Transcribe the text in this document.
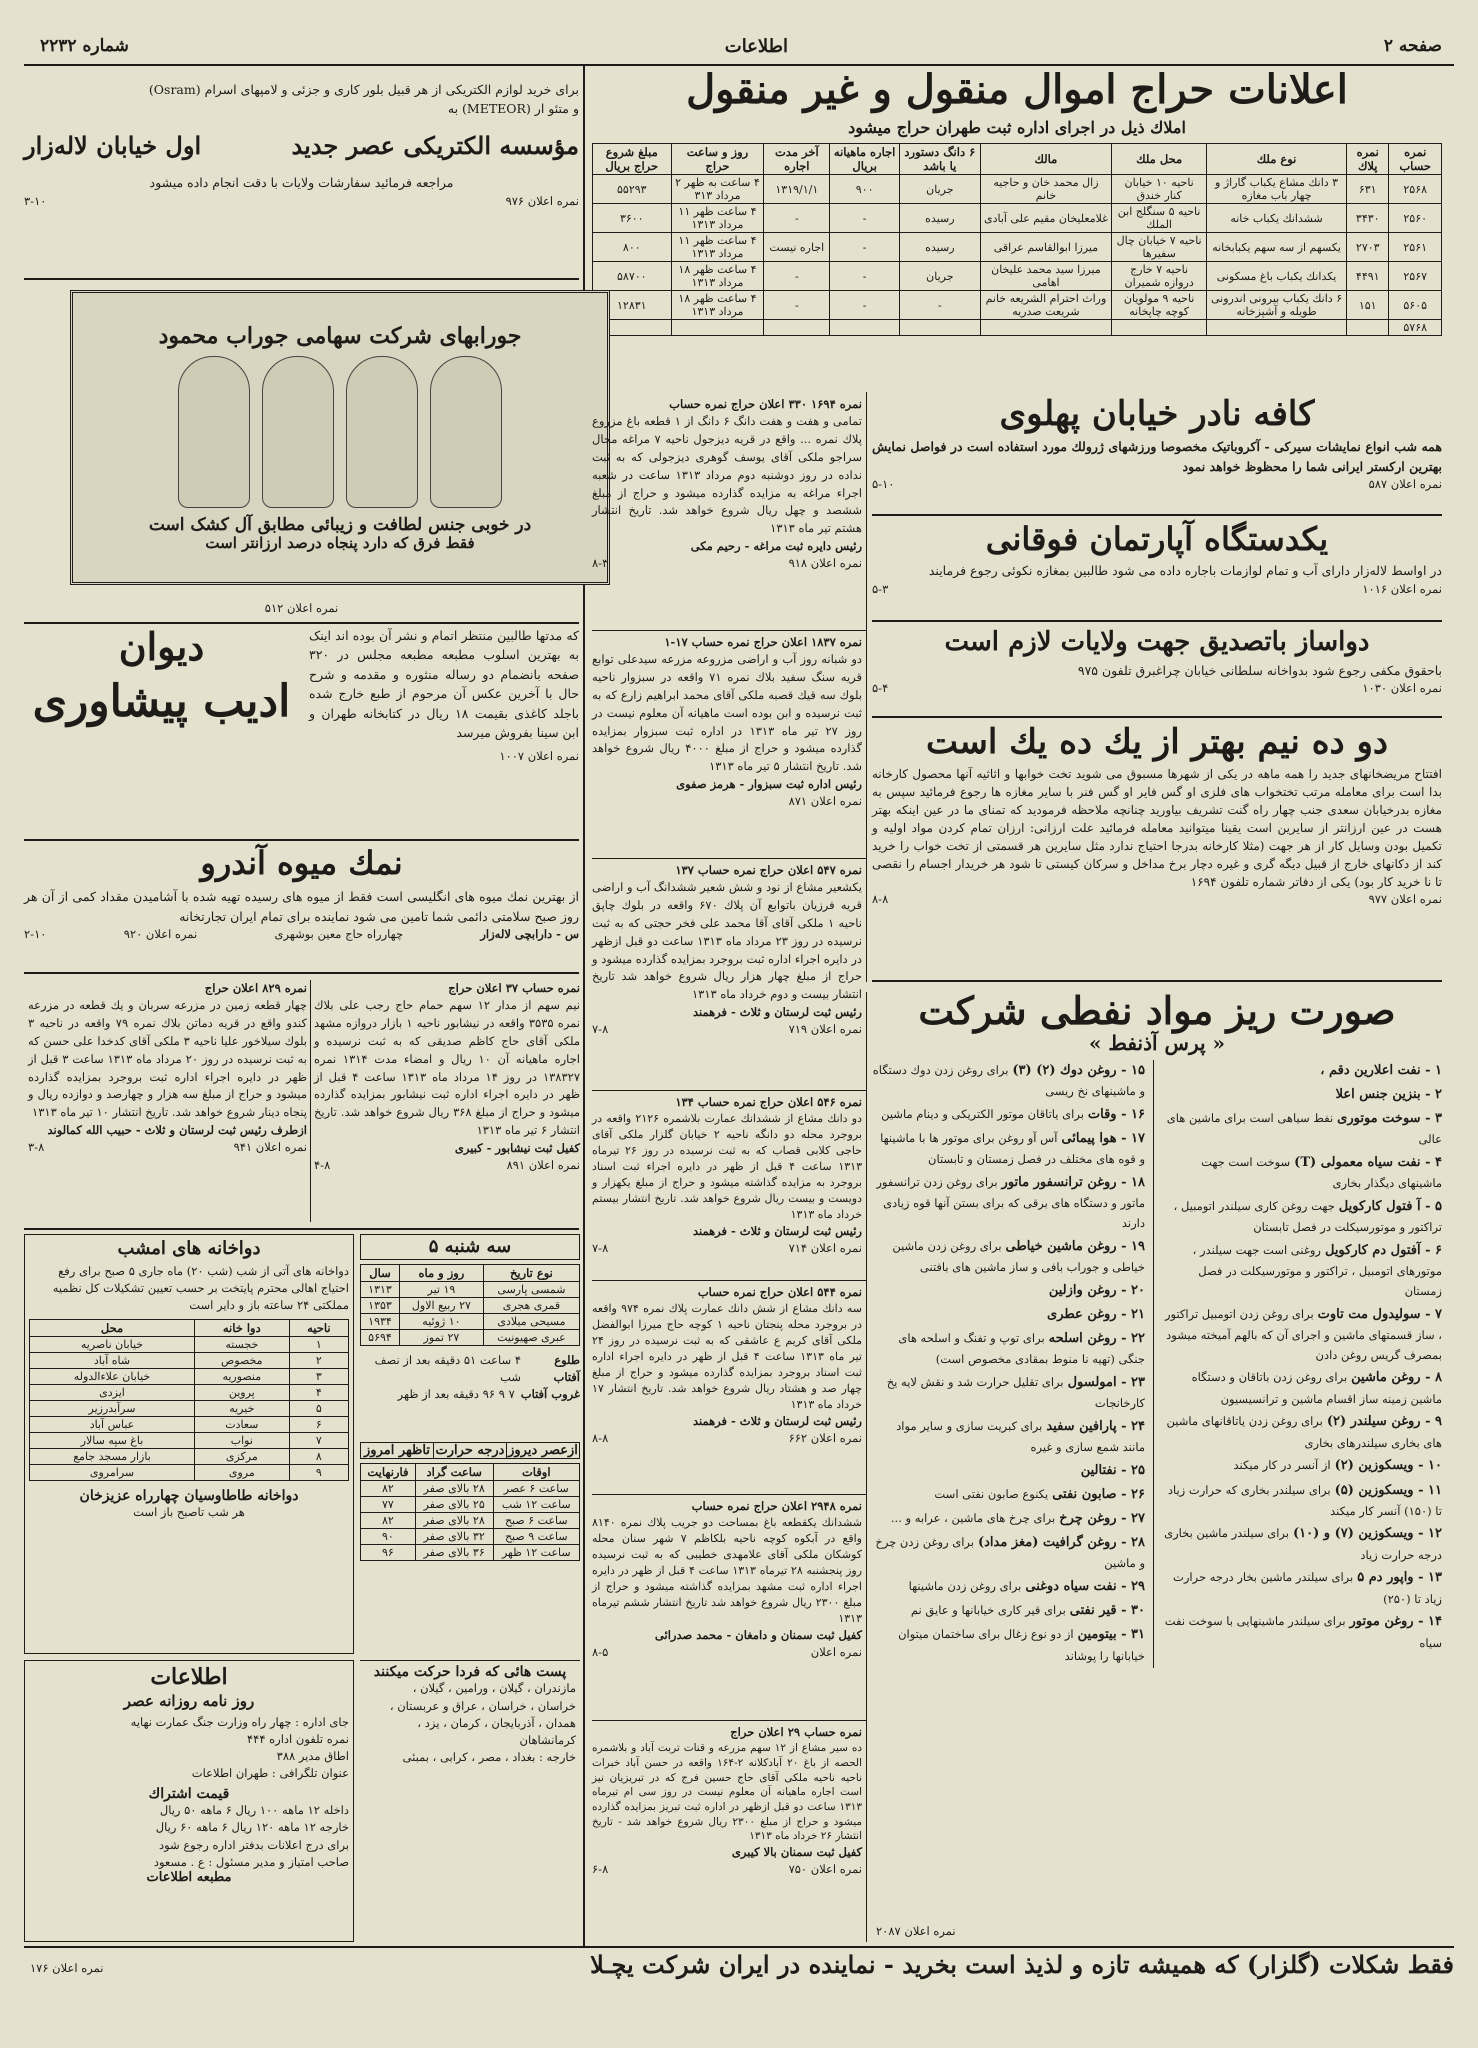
صفحه ۲
اطلاعات
شماره ۲۲۳۲
اعلانات حراج اموال منقول و غیر منقول
املاك ذیل در اجرای اداره ثبت طهران حراج میشود
نمره حساب	نمره پلاك	نوع ملك	محل ملك	مالك	۶ دانگ دستورد یا باشد	اجاره ماهیانه بریال	آخر مدت اجاره	روز و ساعت حراج	مبلغ شروع حراج بریال
۲۵۶۸	۶۳۱	۳ دانك مشاع یکباب گاراژ و چهار باب مغازه	ناحیه ۱۰ خیابان کنار خندق	زال محمد خان و حاجیه خانم	جریان	۹۰۰	۱۳۱۹/۱/۱	۴ ساعت به ظهر ۲ مرداد ۳۱۳	۵۵۲۹۳
۲۵۶۰	۳۴۳۰	ششدانك یکباب خانه	ناحیه ۵ سنگلج ابن الملك	غلامعلیخان مقیم علی آبادی	رسیده	-	-	۴ ساعت ظهر ۱۱ مرداد ۱۳۱۳	۳۶۰۰
۲۵۶۱	۲۷۰۳	یکسهم از سه سهم یکبابخانه	ناحیه ۷ خیابان چال سفیرها	میرزا ابوالقاسم عراقی	رسیده	-	اجاره نیست	۴ ساعت ظهر ۱۱ مرداد ۱۳۱۳	۸۰۰
۲۵۶۷	۴۴۹۱	یکدانك یکباب باغ مسکونی	ناحیه ۷ خارج دروازه شمیران	میرزا سید محمد علیخان اهامی	جریان	-	-	۴ ساعت ظهر ۱۸ مرداد ۱۳۱۳	۵۸۷۰۰
۵۶۰۵	۱۵۱	۶ دانك یکباب بیرونی اندرونی طویله و آشپزخانه	ناحیه ۹ مولویان کوچه چاپخانه	وراث احترام الشریعه خانم شریعت صدریه	-	-	-	۴ ساعت ظهر ۱۸ مرداد ۱۳۱۳	۱۲۸۳۱
۵۷۶۸									
برای خرید لوازم الکتریکی از هر قبیل بلور کاری و جزئی و لامپهای اسرام (Osram)
و متئو ار (METEOR) به
مؤسسه الکتریکی عصر جدید
اول خیابان لاله‌زار
مراجعه فرمائید سفارشات ولایات با دقت انجام داده میشود
نمره اعلان ۹۷۶
۳-۱۰
جورابهای شرکت سهامی جوراب محمود
در خوبی جنس لطافت و زیبائی مطابق آل کشک است
فقط فرق که دارد پنجاه درصد ارزانتر است
نمره اعلان ۵۱۲
که مدتها طالبین منتظر اتمام و نشر آن بوده اند اینک به بهترین اسلوب مطبعه مطبعه مجلس در ۳۲۰ صفحه بانضمام دو رساله منثوره و مقدمه و شرح حال با آخرین عکس آن مرحوم از طبع خارج شده باجلد کاغذی بقیمت ۱۸ ریال در کتابخانه طهران و ابن سینا بفروش میرسد
دیوان
ادیب پیشاوری
نمره اعلان ۱۰۰۷
نمك میوه آندرو
از بهترین نمك میوه های انگلیسی است فقط از میوه های رسیده تهیه شده با آشامیدن مقداد کمی از آن هر روز صبح سلامتی دائمی شما تامین می شود نماینده برای تمام ایران تجارتخانه
س - دارابچی لاله‌زار
چهارراه حاج معین بوشهری
نمره اعلان ۹۲۰
۲-۱۰
نمره ۸۲۹ اعلان حراج
چهار قطعه زمین در مزرعه سربان و یك قطعه در مزرعه کندو واقع در قریه دماتن بلاك نمره ۷۹ واقعه در ناحیه ۳ بلوك سیلاخور علیا ناحیه ۳ ملکی آقای کدخدا علی حسن که به ثبت نرسیده در روز ۲۰ مرداد ماه ۱۳۱۳ ساعت ۳ قبل از ظهر در دایره اجراء اداره ثبت بروجرد بمزایده گذارده میشود و حراج از مبلغ سه هزار و چهارصد و دوازده ریال و پنجاه دینار شروع خواهد شد. تاریخ انتشار ۱۰ تیر ماه ۱۳۱۳
ازطرف رئیس ثبت لرستان و ثلاث - حبیب الله کمالوند
نمره اعلان ۹۴۱
۳-۸
نمره حساب ۳۷ اعلان حراج
نیم سهم از مدار ۱۲ سهم حمام حاج رجب علی بلاك نمره ۳۵۳۵ واقعه در نیشابور ناحیه ۱ بازار دروازه مشهد ملکی آقای حاج کاظم صدیقی که به ثبت نرسیده و اجاره ماهیانه آن ۱۰ ریال و امضاء مدت ۱۳۱۴ نمره ۱۳۸۳۲۷ در روز ۱۴ مرداد ماه ۱۳۱۳ ساعت ۴ قبل از ظهر در دایره اجراء اداره ثبت نیشابور بمزایده گذارده میشود و حراج از مبلغ ۳۶۸ ریال شروع خواهد شد. تاریخ انتشار ۶ تیر ماه ۱۳۱۳
کفیل ثبت نیشابور - کبیری
نمره اعلان ۸۹۱
۴-۸
دواخانه های امشب
دواخانه های آتی از شب (شب ۲۰) ماه جاری ۵ صبح برای رفع احتیاج اهالی محترم پایتخت بر حسب تعیین تشکیلات کل نظمیه مملکتی ۲۴ ساعته باز و دایر است
ناحیه	دوا خانه	محل
۱	خجسته	خیابان ناصریه
۲	مخصوص	شاه آباد
۳	منصوریه	خیابان علاءالدوله
۴	پروین	ایزدی
۵	خیریه	سرآبدرزیر
۶	سعادت	عباس آباد
۷	نواب	باغ سپه سالار
۸	مرکزی	بازار مسجد جامع
۹	مروی	سرامروی
دواخانه طاطاوسیان چهارراه عزیزخان
هر شب تاصبح باز است
اطلاعات
روز نامه روزانه عصر
جای اداره : چهار راه وزارت جنگ عمارت نهایه
نمره تلفون اداره ۴۴۴
اطاق مدیر ۳۸۸
عنوان تلگرافی : طهران اطلاعات
قیمت اشتراك
داخله ۱۲ ماهه ۱۰۰ ریال ۶ ماهه ۵۰ ریال
خارجه ۱۲ ماهه ۱۲۰ ریال ۶ ماهه ۶۰ ریال
برای درج اعلانات بدفتر اداره رجوع شود
صاحب امتیاز و مدیر مسئول : ع . مسعود
مطبعه اطلاعات
سه شنبه ۵
نوع تاریخ	روز و ماه	سال
شمسی پارسی	۱۹ تیر	۱۳۱۳
قمری هجری	۲۷ ربیع الاول	۱۳۵۳
مسیحی میلادی	۱۰ ژوئیه	۱۹۳۴
عبری صهیونیت	۲۷ تموز	۵۶۹۴
طلوع آفتاب
۴ ساعت ۵۱ دقیقه بعد از نصف شب
غروب آفتاب
۷ ۹ ۹۶ دقیقه بعد از ظهر
ازعصر دیروز
درجه حرارت
تاظهر امروز
اوقات	ساعت گراد	فارنهایت
ساعت ۶ عصر	۲۸ بالای صفر	۸۲
ساعت ۱۲ شب	۲۵ بالای صفر	۷۷
ساعت ۶ صبح	۲۸ بالای صفر	۸۲
ساعت ۹ صبح	۳۲ بالای صفر	۹۰
ساعت ۱۲ ظهر	۳۶ بالای صفر	۹۶
پست هائی که فردا حرکت میکنند
مازندران ، گیلان ، ورامین ، گیلان ،
خراسان ، خراسان ، عراق و عربستان ،
همدان ، آذربایجان ، کرمان ، یزد ، کرمانشاهان
خارجه : بغداد ، مصر ، کرابی ، بمبئی
نمره ۱۶۹۴ ۳۳۰ اعلان حراج نمره حساب
تمامی و هفت و هفت دانگ ۶ دانگ از ۱ قطعه باغ مزروع پلاك نمره ... واقع در قریه دیزجول ناحیه ۷ مراغه محال سراجو ملکی آقای یوسف گوهری دیزجولی که به ثبت نداده در روز دوشنبه دوم مرداد ۱۳۱۳ ساعت در شعبه اجراء مراغه به مزایده گذارده میشود و حراج از مبلغ ششصد و چهل ریال شروع خواهد شد. تاریخ انتشار هشتم تیر ماه ۱۳۱۳
رئیس دایره ثبت مراغه - رحیم مکی
نمره اعلان ۹۱۸
۸-۳
نمره ۱۸۳۷ اعلان حراج نمره حساب ۱۷-۱
دو شبانه روز آب و اراضی مزروعه مزرعه سیدعلی توابع قریه سنگ سفید بلاك نمره ۷۱ واقعه در سبزوار ناحیه بلوك سه قیك قصبه ملکی آقای محمد ابراهیم زارع که به ثبت نرسیده و ابن بوده است ماهیانه آن معلوم نیست در روز ۲۷ تیر ماه ۱۳۱۳ در اداره ثبت سبزوار بمزایده گذارده میشود و حراج از مبلغ ۴۰۰۰ ریال شروع خواهد شد. تاریخ انتشار ۵ تیر ماه ۱۳۱۳
رئیس اداره ثبت سبزوار - هرمز صفوی
نمره اعلان ۸۷۱
نمره ۵۴۷ اعلان حراج نمره حساب ۱۳۷
یکشعیر مشاع از نود و شش شعیر ششدانگ آب و اراضی قریه فرزیان باتوابع آن پلاك ۶۷۰ واقعه در بلوك چاپق ناحیه ۱ ملکی آقای آقا محمد علی فخر حجتی که به ثبت نرسیده در روز ۲۳ مرداد ماه ۱۳۱۳ ساعت دو قبل ازظهر در دایره اجراء اداره ثبت بروجرد بمزایده گذارده میشود و حراج از مبلغ چهار هزار ریال شروع خواهد شد تاریخ انتشار بیست و دوم خرداد ماه ۱۳۱۳
رئیس ثبت لرستان و ثلاث - فرهمند
نمره اعلان ۷۱۹
۷-۸
نمره ۵۴۶ اعلان حراج نمره حساب ۱۳۴
دو دانك مشاع از ششدانك عمارت بلاشمره ۲۱۲۶ واقعه در بروجرد محله دو دانگه ناحیه ۲ خیابان گلزار ملکی آقای حاجی کلابی قصاب که به ثبت نرسیده در روز ۲۶ تیرماه ۱۳۱۳ ساعت ۴ قبل از ظهر در دایره اجراء ثبت اسناد بروجرد به مزایده گذاشته میشود و حراج از مبلغ یکهزار و دویست و بیست ریال شروع خواهد شد. تاریخ انتشار بیستم خرداد ماه ۱۳۱۳
رئیس ثبت لرستان و ثلاث - فرهمند
نمره اعلان ۷۱۴
۷-۸
نمره ۵۴۴ اعلان حراج نمره حساب
سه دانك مشاع از شش دانك عمارت پلاك نمره ۹۷۴ واقعه در بروجرد محله پنجتان ناحیه ۱ کوچه حاج میرزا ابوالفضل ملکی آقای کریم ع عاشقی که به ثبت نرسیده در روز ۲۴ تیر ماه ۱۳۱۳ ساعت ۴ قبل از ظهر در دایره اجراء اداره ثبت اسناد بروجرد بمزایده گذارده میشود و حراج از مبلغ چهار صد و هشتاد ریال شروع خواهد شد. تاریخ انتشار ۱۷ خرداد ماه ۱۳۱۳
رئیس ثبت لرستان و ثلاث - فرهمند
نمره اعلان ۶۶۲
۸-۸
نمره ۲۹۴۸ اعلان حراج نمره حساب
ششدانك يكقطعه باغ بمساحت دو جریب پلاك نمره ۸۱۴۰ واقع در آبکوه کوچه ناحیه بلکاظم ۷ شهر سنان محله کوشکان ملکی آقای علامهدی خطیبی که به ثبت نرسیده روز پنجشنبه ۲۸ تیرماه ۱۳۱۳ ساعت ۴ قبل از ظهر در دایره اجراء اداره ثبت مشهد بمزایده گذاشته میشود و حراج از مبلغ ۲۳۰۰ ریال شروع خواهد شد تاریخ انتشار ششم تیرماه ۱۳۱۳
کفیل ثبت سمنان و دامغان - محمد صدرائی
نمره اعلان
۸-۵
نمره حساب ۲۹ اعلان حراج
ده سیر مشاع از ۱۲ سهم مزرعه و قنات تربت آباد و بلاشمره الحصه از باغ ۲۰ آبادکلانه ۲-۱۶۴ واقعه در حسن آباد خبرات ناحیه ناحیه ملکی آقای حاج حسین فرج که در تبریزیان نیز است اجاره ماهیانه آن معلوم نیست در روز سی ام تیرماه ۱۳۱۳ ساعت دو قبل ازظهر در اداره ثبت تبریز بمزایده گذارده میشود و حراج از مبلغ ۲۳۰۰ ریال شروع خواهد شد - تاریخ انتشار ۲۶ خرداد ماه ۱۳۱۳
کفیل ثبت سمنان بالا کیبری
نمره اعلان ۷۵۰
۶-۸
کافه نادر خیابان پهلوی
همه شب انواع نمایشات سیرکی - آکروباتیک مخصوصا ورزشهای ژرولك مورد استفاده است در فواصل نمایش بهترین ارکستر ایرانی شما را محظوظ خواهد نمود
نمره اعلان ۵۸۷
۵-۱۰
یکدستگاه آپارتمان فوقانی
در اواسط لاله‌زار دارای آب و تمام لوازمات باجاره داده می شود طالبین بمغازه نکوئی رجوع فرمایند
نمره اعلان ۱۰۱۶
۵-۳
دواساز باتصدیق جهت ولایات لازم است
باحقوق مکفی رجوع شود بدواخانه سلطانی خیابان چراغبرق تلفون ۹۷۵
نمره اعلان ۱۰۳۰
۵-۴
دو ده نیم بهتر از یك ده یك است
افتتاح مریضخانهای جدید را همه ماهه در یکی از شهرها مسبوق می شوید تخت خوابها و اثاثیه آنها محصول کارخانه بدا است برای معامله مرتب تختخواب های فلزی او گس فایر او گس فنر با سایر مغازه ها رجوع فرمائید سپس به مغازه بدرخیابان سعدی جنب چهار راه گنت تشریف بیاورید چنانچه ملاحظه فرمودید که تمنای ما در عین اینکه بهتر هست در عین ارزانتر از سایرین است یقینا میتوانید معامله فرمائید علت ارزانی: ارزان تمام کردن مواد اولیه و تکمیل بودن وسایل کار از هر جهت (مثلا کارخانه بدرجا احتیاج ندارد مثل سایرین هر قسمتی از تخت خواب را خرید کند از دکانهای خارج از قبیل دیگه گری و غیره دچار برخ مداخل و سرکان کیستی تا شود هر خریدار اجسام را نقصی تا نا خرید کار بود) یکی از دفاتر شماره تلفون ۱۶۹۴
نمره اعلان ۹۷۷
۸-۸
صورت ریز مواد نفطی شرکت
« پرس آذنفط »
۱ - نفت اعلارین دقم ،
۲ - بنزین جنس اعلا
۳ - سوخت موتوری نفط سیاهی است برای ماشین های عالی
۴ - نفت سیاه معمولی (T) سوخت است جهت ماشینهای دیگذار بخاری
۵ - آ فتول کارکویل جهت روغن کاری سیلندر اتومبیل ، تراکتور و موتورسیکلت در فصل تابستان
۶ - آفتول دم کاركویل روغنی است جهت سیلندر ، موتورهای اتومبیل ، تراکتور و موتورسیکلت در فصل زمستان
۷ - سولیدول مت تاوت برای روغن زدن اتومبیل تراکتور ، ساز قسمتهای ماشین و اجرای آن که بالهم آمیخته میشود بمصرف گریس روغن دادن
۸ - روغن ماشین برای روغن زدن باتاقان و دستگاه ماشین زمینه ساز اقسام ماشین و ترانسیسیون
۹ - روغن سیلندر (۲) برای روغن زدن یاتاقانهای ماشین های بخاری سیلندرهای بخاری
۱۰ - ویسکوزین (۲) از آنسر در کار میکند
۱۱ - ویسکوزین (۵) برای سیلندر بخاری که حرارت زیاد تا (۱۵۰) آنسر کار میکند
۱۲ - ویسکوزین (۷) و (۱۰) برای سیلندر ماشین بخاری درجه حرارت زیاد
۱۳ - واپور دم ۵ برای سیلندر ماشین بخار درجه حرارت زیاد تا (۲۵۰)
۱۴ - روغن موتور برای سیلندر ماشینهایی با سوخت نفت سیاه
۱۵ - روغن دوك (۲) (۳) برای روغن زدن دوك دستگاه و ماشینهای نخ ریسی
۱۶ - وقات برای یاتاقان موتور الکتریکی و دینام ماشین
۱۷ - هوا پیمائی آس آو روغن برای موتور ها با ماشینها و قوه های مختلف در فصل زمستان و تابستان
۱۸ - روغن ترانسفور ماتور برای روغن زدن ترانسفور ماتور و دستگاه های برقی که برای بستن آنها قوه زیادی دارند
۱۹ - روغن ماشین خیاطی برای روغن زدن ماشین خیاطی و جوراب بافی و ساز ماشین های بافتنی
۲۰ - روغن وازلین
۲۱ - روغن عطری
۲۲ - روغن اسلحه برای توپ و تفنگ و اسلحه های جنگی (تهیه نا منوط بمقادی مخصوص است)
۲۳ - امولسول برای تقلیل حرارت شد و نقش لایه یخ کارخانجات
۲۴ - پارافین سفید برای کبریت سازی و سایر مواد مانند شمع سازی و غیره
۲۵ - نفتالین
۲۶ - صابون نفتی یکنوع صابون نفتی است
۲۷ - روغن چرخ برای چرخ های ماشین ، عرابه و ...
۲۸ - روغن گرافیت (مغز مداد) برای روغن زدن چرخ و ماشین
۲۹ - نفت سیاه دوغنی برای روغن زدن ماشینها
۳۰ - قیر نفتی برای قیر کاری خیابانها و عایق نم
۳۱ - بیتومین از دو نوع زغال برای ساختمان میتوان خیابانها را پوشاند
نمره اعلان ۲۰۸۷
فقط شکلات (گلزار) که همیشه تازه و لذیذ است بخرید - نماینده در ایران شرکت یچـلا
نمره اعلان ۱۷۶
